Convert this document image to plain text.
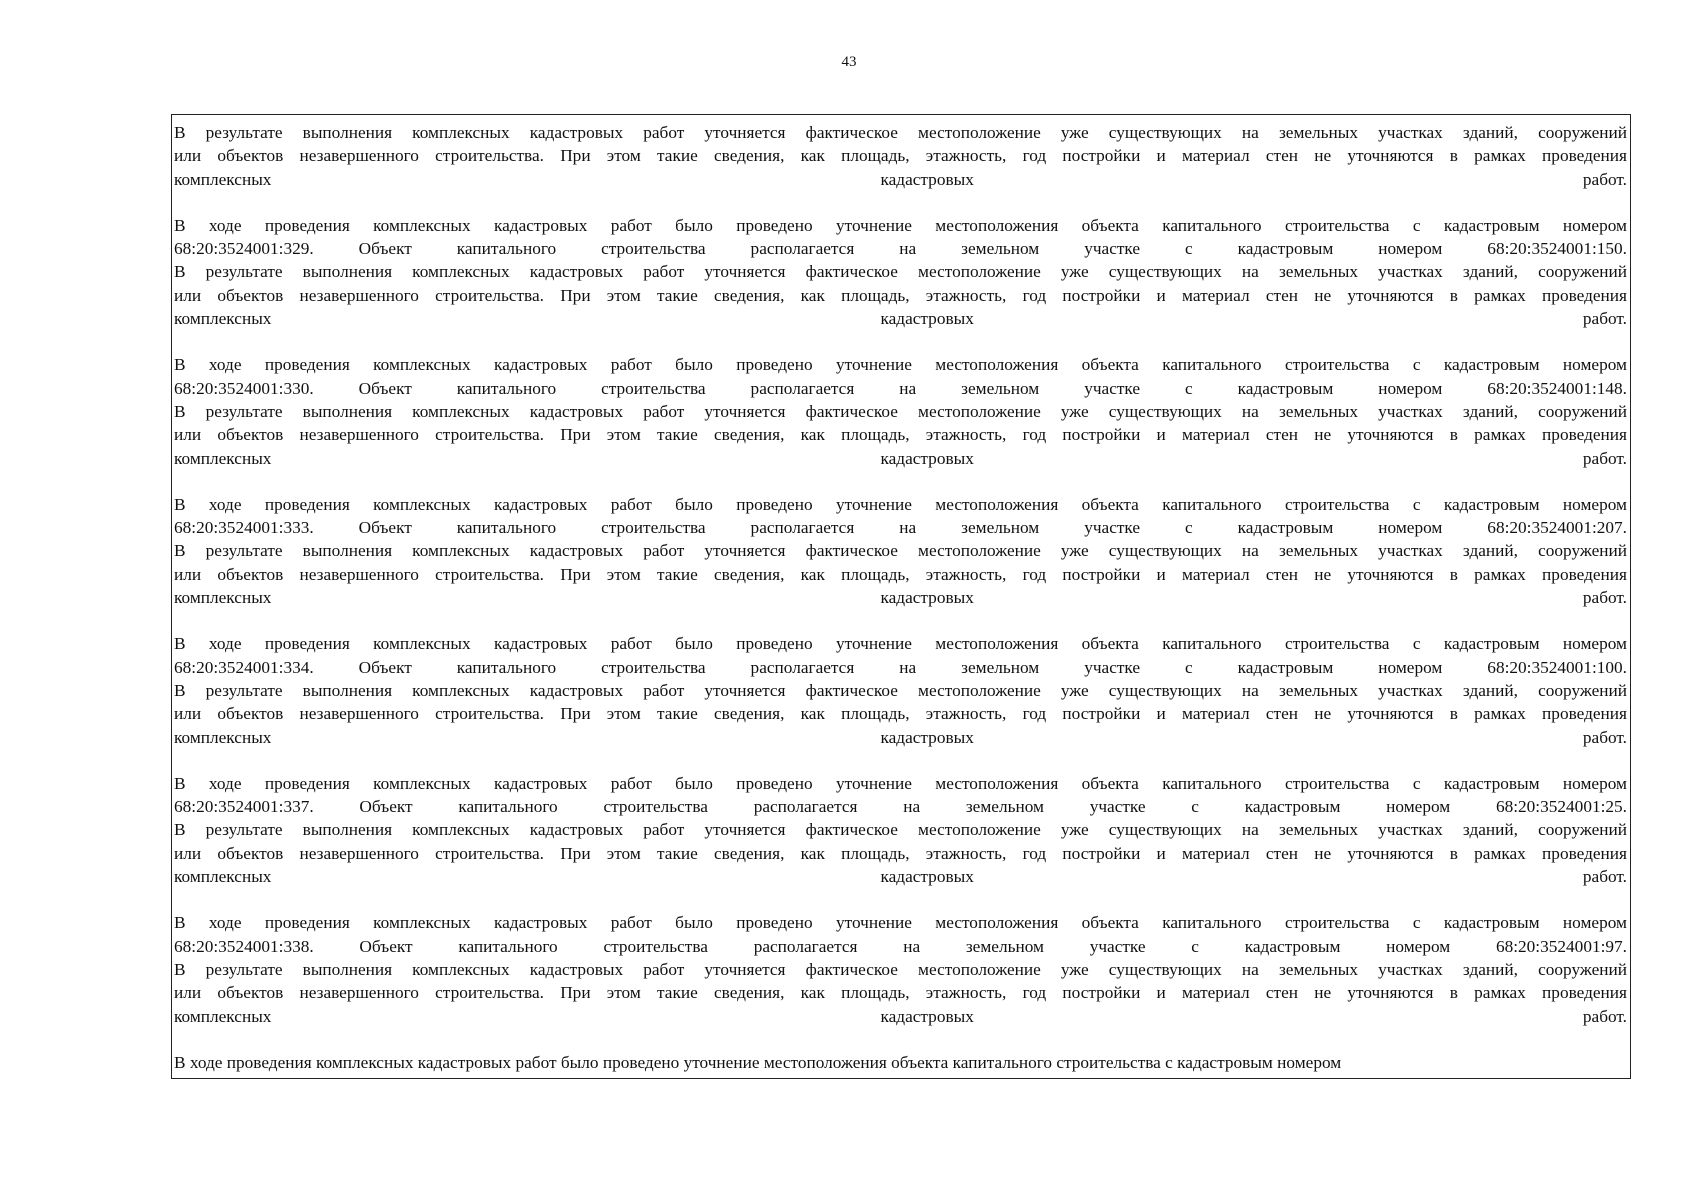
43
В результате выполнения комплексных кадастровых работ уточняется фактическое местоположение уже существующих на земельных участках зданий, сооружений
или объектов незавершенного строительства. При этом такие сведения, как площадь, этажность, год постройки и материал стен не уточняются в рамках проведения
комплексных кадастровых работ.
В ходе проведения комплексных кадастровых работ было проведено уточнение местоположения объекта капитального строительства с кадастровым номером
68:20:3524001:329. Объект капитального строительства располагается на земельном участке с кадастровым номером 68:20:3524001:150.
В результате выполнения комплексных кадастровых работ уточняется фактическое местоположение уже существующих на земельных участках зданий, сооружений
или объектов незавершенного строительства. При этом такие сведения, как площадь, этажность, год постройки и материал стен не уточняются в рамках проведения
комплексных кадастровых работ.
В ходе проведения комплексных кадастровых работ было проведено уточнение местоположения объекта капитального строительства с кадастровым номером
68:20:3524001:330. Объект капитального строительства располагается на земельном участке с кадастровым номером 68:20:3524001:148.
В результате выполнения комплексных кадастровых работ уточняется фактическое местоположение уже существующих на земельных участках зданий, сооружений
или объектов незавершенного строительства. При этом такие сведения, как площадь, этажность, год постройки и материал стен не уточняются в рамках проведения
комплексных кадастровых работ.
В ходе проведения комплексных кадастровых работ было проведено уточнение местоположения объекта капитального строительства с кадастровым номером
68:20:3524001:333. Объект капитального строительства располагается на земельном участке с кадастровым номером 68:20:3524001:207.
В результате выполнения комплексных кадастровых работ уточняется фактическое местоположение уже существующих на земельных участках зданий, сооружений
или объектов незавершенного строительства. При этом такие сведения, как площадь, этажность, год постройки и материал стен не уточняются в рамках проведения
комплексных кадастровых работ.
В ходе проведения комплексных кадастровых работ было проведено уточнение местоположения объекта капитального строительства с кадастровым номером
68:20:3524001:334. Объект капитального строительства располагается на земельном участке с кадастровым номером 68:20:3524001:100.
В результате выполнения комплексных кадастровых работ уточняется фактическое местоположение уже существующих на земельных участках зданий, сооружений
или объектов незавершенного строительства. При этом такие сведения, как площадь, этажность, год постройки и материал стен не уточняются в рамках проведения
комплексных кадастровых работ.
В ходе проведения комплексных кадастровых работ было проведено уточнение местоположения объекта капитального строительства с кадастровым номером
68:20:3524001:337. Объект капитального строительства располагается на земельном участке с кадастровым номером 68:20:3524001:25.
В результате выполнения комплексных кадастровых работ уточняется фактическое местоположение уже существующих на земельных участках зданий, сооружений
или объектов незавершенного строительства. При этом такие сведения, как площадь, этажность, год постройки и материал стен не уточняются в рамках проведения
комплексных кадастровых работ.
В ходе проведения комплексных кадастровых работ было проведено уточнение местоположения объекта капитального строительства с кадастровым номером
68:20:3524001:338. Объект капитального строительства располагается на земельном участке с кадастровым номером 68:20:3524001:97.
В результате выполнения комплексных кадастровых работ уточняется фактическое местоположение уже существующих на земельных участках зданий, сооружений
или объектов незавершенного строительства. При этом такие сведения, как площадь, этажность, год постройки и материал стен не уточняются в рамках проведения
комплексных кадастровых работ.
В ходе проведения комплексных кадастровых работ было проведено уточнение местоположения объекта капитального строительства с кадастровым номером
